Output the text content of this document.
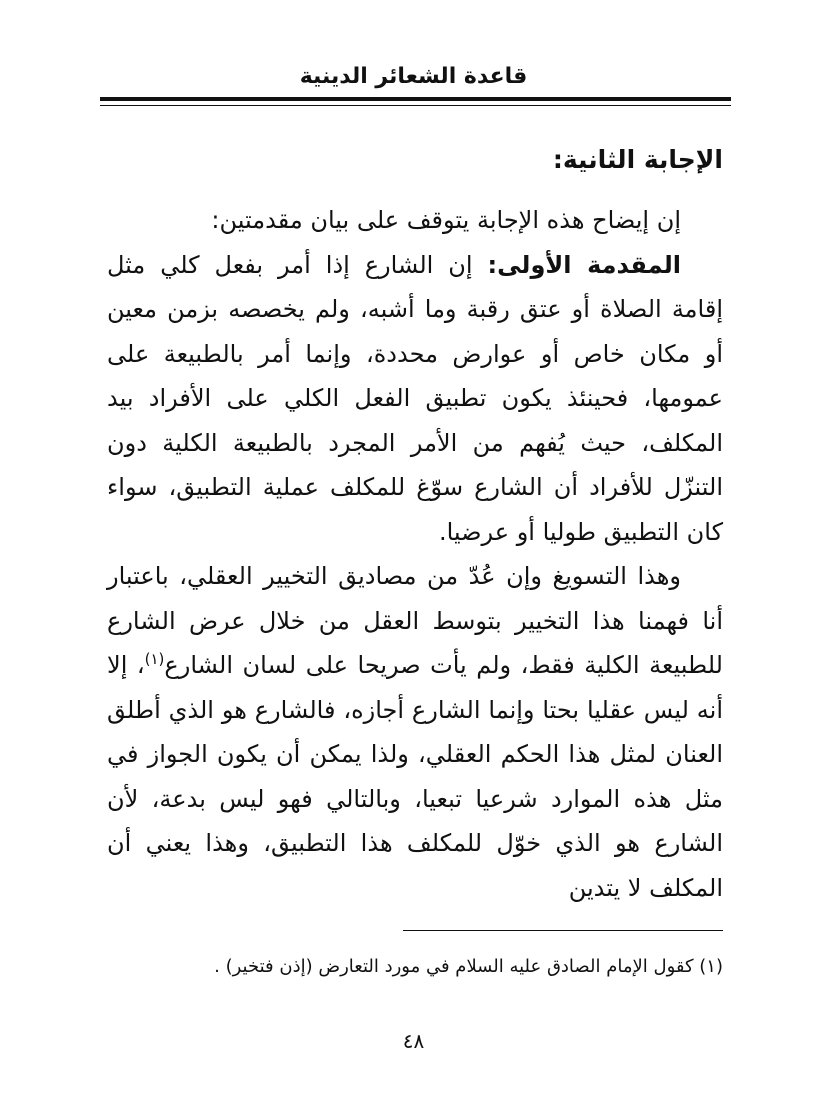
قاعدة الشعائر الدينية
الإجابة الثانية:

إن إيضاح هذه الإجابة يتوقف على بيان مقدمتين:

المقدمة الأولى: إن الشارع إذا أمر بفعل كلي مثل إقامة الصلاة أو عتق رقبة وما أشبه، ولم يخصصه بزمن معين أو مكان خاص أو عوارض محددة، وإنما أمر بالطبيعة على عمومها، فحينئذ يكون تطبيق الفعل الكلي على الأفراد بيد المكلف، حيث يُفهم من الأمر المجرد بالطبيعة الكلية دون التنزّل للأفراد أن الشارع سوّغ للمكلف عملية التطبيق، سواء كان التطبيق طوليا أو عرضيا.

وهذا التسويغ وإن عُدّ من مصاديق التخيير العقلي، باعتبار أنا فهمنا هذا التخيير بتوسط العقل من خلال عرض الشارع للطبيعة الكلية فقط، ولم يأت صريحا على لسان الشارع$^{(١)}$، إلا أنه ليس عقليا بحتا وإنما الشارع أجازه، فالشارع هو الذي أطلق العنان لمثل هذا الحكم العقلي، ولذا يمكن أن يكون الجواز في مثل هذه الموارد شرعيا تبعيا، وبالتالي فهو ليس بدعة، لأن الشارع هو الذي خوّل للمكلف هذا التطبيق، وهذا يعني أن المكلف لا يتدين

(١) كقول الإمام الصادق عليه السلام في مورد التعارض (إذن فتخير) .

٤٨
